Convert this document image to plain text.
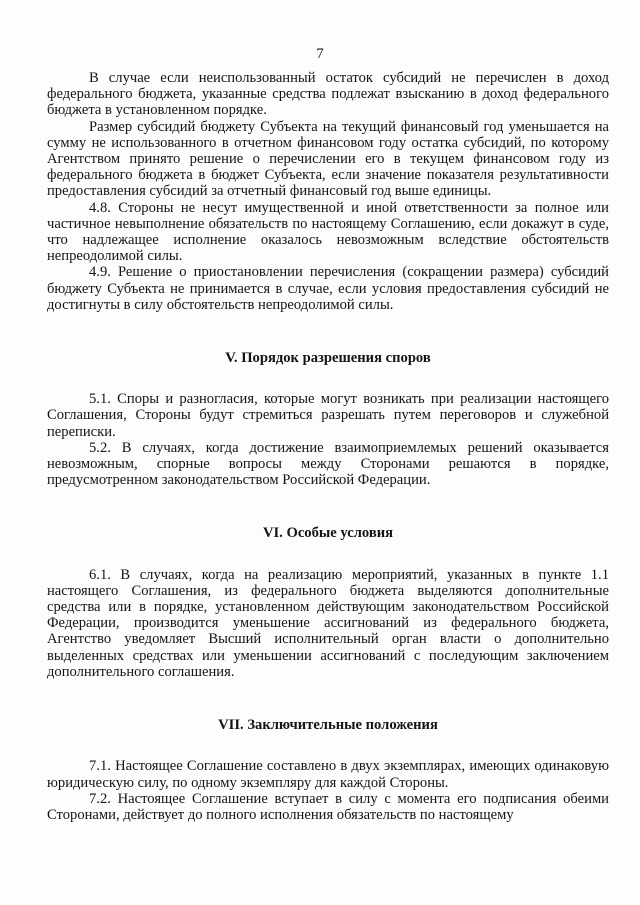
7

В случае если неиспользованный остаток субсидий не перечислен в доход федерального бюджета, указанные средства подлежат взысканию в доход федерального бюджета в установленном порядке.

Размер субсидий бюджету Субъекта на текущий финансовый год уменьшается на сумму не использованного в отчетном финансовом году остатка субсидий, по которому Агентством принято решение о перечислении его в текущем финансовом году из федерального бюджета в бюджет Субъекта, если значение показателя результативности предоставления субсидий за отчетный финансовый год выше единицы.

4.8. Стороны не несут имущественной и иной ответственности за полное или частичное невыполнение обязательств по настоящему Соглашению, если докажут в суде, что надлежащее исполнение оказалось невозможным вследствие обстоятельств непреодолимой силы.

4.9. Решение о приостановлении перечисления (сокращении размера) субсидий бюджету Субъекта не принимается в случае, если условия предоставления субсидий не достигнуты в силу обстоятельств непреодолимой силы.

V. Порядок разрешения споров

5.1. Споры и разногласия, которые могут возникать при реализации настоящего Соглашения, Стороны будут стремиться разрешать путем переговоров и служебной переписки.

5.2. В случаях, когда достижение взаимоприемлемых решений оказывается невозможным, спорные вопросы между Сторонами решаются в порядке, предусмотренном законодательством Российской Федерации.

VI. Особые условия

6.1. В случаях, когда на реализацию мероприятий, указанных в пункте 1.1 настоящего Соглашения, из федерального бюджета выделяются дополнительные средства или в порядке, установленном действующим законодательством Российской Федерации, производится уменьшение ассигнований из федерального бюджета, Агентство уведомляет Высший исполнительный орган власти о дополнительно выделенных средствах или уменьшении ассигнований с последующим заключением дополнительного соглашения.

VII. Заключительные положения

7.1. Настоящее Соглашение составлено в двух экземплярах, имеющих одинаковую юридическую силу, по одному экземпляру для каждой Стороны.

7.2. Настоящее Соглашение вступает в силу с момента его подписания обеими Сторонами, действует до полного исполнения обязательств по настоящему
